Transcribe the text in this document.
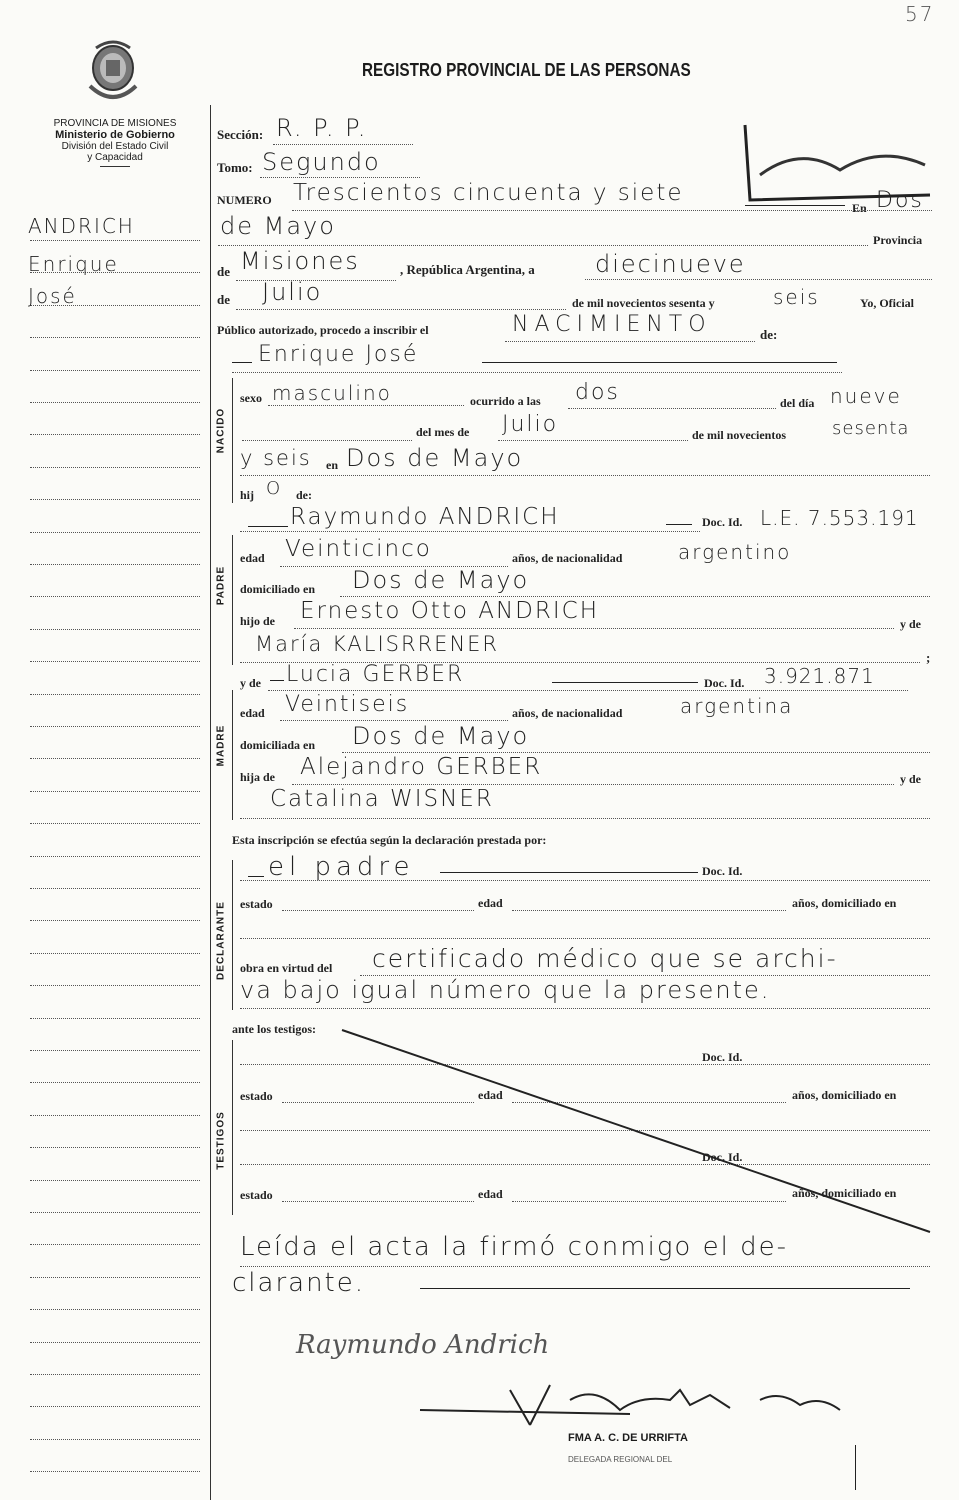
57
PROVINCIA DE MISIONES
Ministerio de Gobierno
División del Estado Civil
y Capacidad
REGISTRO PROVINCIAL DE LAS PERSONAS
ANDRICH
Enrique
José
NACIDO
PADRE
MADRE
DECLARANTE
TESTIGOS
Sección: R. P. P.
Tomo: Segundo
NUMERO Trescientos cincuenta y siete
En Dos
de Mayo	Provincia
de Misiones	, República Argentina, a	diecinueve
de Julio	de mil novecientos sesenta y	seis	Yo, Oficial
Público autorizado, procedo a inscribir el	NACIMIENTO	de:
Enrique José
sexo masculino	ocurrido a las dos	del día nueve
del mes de Julio	de mil novecientos	sesenta
y seis en Dos de Mayo
hij O de:
Raymundo ANDRICH	Doc. Id. L.E. 7.553.191
edad Veinticinco	años, de nacionalidad	argentino
domiciliado en Dos de Mayo
hijo de Ernesto Otto ANDRICH	y de
María KALISRRENER
;
y de Lucia GERBER	Doc. Id. 3.921.871
edad Veintiseis	años, de nacionalidad	argentina
domiciliada en Dos de Mayo
hija de Alejandro GERBER	y de
Catalina WISNER
Esta inscripción se efectúa según la declaración prestada por:
el padre	Doc. Id.
estado	edad	años, domiciliado en
obra en virtud del certificado médico que se archi-
va bajo igual número que la presente.
ante los testigos:
Doc. Id.
estado	edad	años, domiciliado en
Doc. Id.
estado	edad	años, domiciliado en
Leída el acta la firmó conmigo el de-
clarante.
Raymundo Andrich
FMA A. C. DE URRIFTA
DELEGADA REGIONAL DEL
